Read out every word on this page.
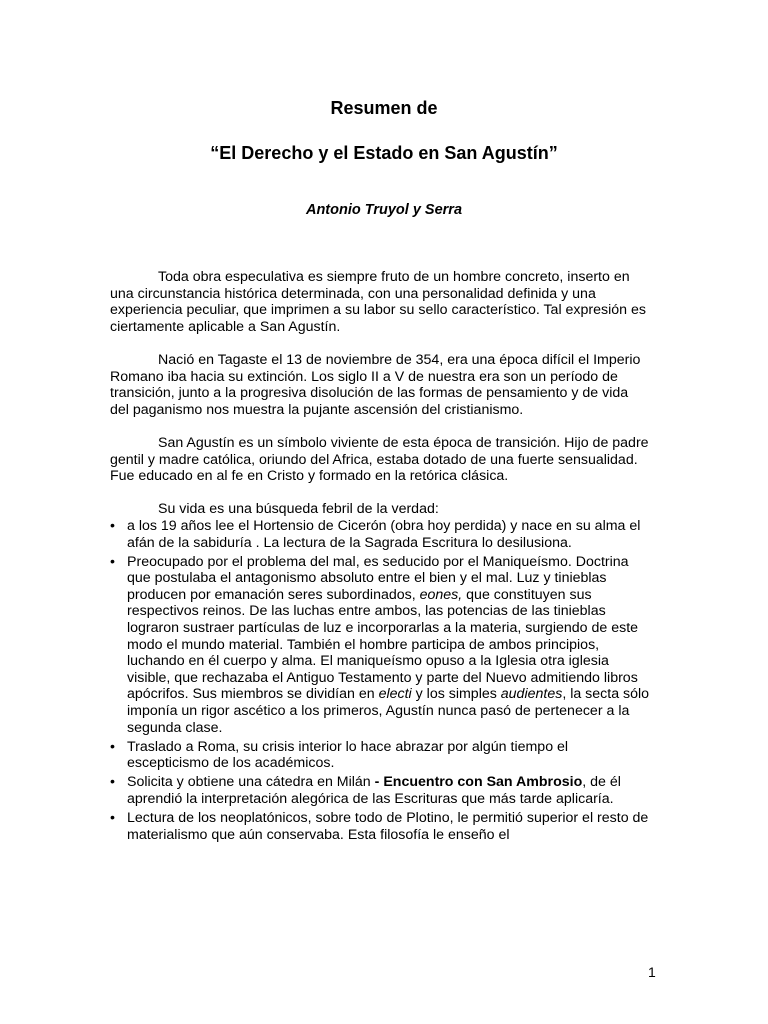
Resumen de
“El Derecho y el Estado en San Agustín”
Antonio Truyol y Serra

Toda obra especulativa es siempre fruto de un hombre concreto, inserto en una circunstancia histórica determinada, con una personalidad definida y una experiencia peculiar, que imprimen a su labor su sello característico. Tal expresión es ciertamente aplicable a San Agustín.

Nació en Tagaste el 13 de noviembre de 354, era una época difícil el Imperio Romano iba hacia su extinción. Los siglo II a V de nuestra era son un período de transición, junto a la progresiva disolución de las formas de pensamiento y de vida del paganismo nos muestra la pujante ascensión del cristianismo.

San Agustín es un símbolo viviente de esta época de transición. Hijo de padre gentil y madre católica, oriundo del Africa, estaba dotado de una fuerte sensualidad. Fue educado en al fe en Cristo y formado en la retórica clásica.

Su vida es una búsqueda febril de la verdad:

• a los 19 años lee el Hortensio de Cicerón (obra hoy perdida) y nace en su alma el afán de la sabiduría . La lectura de la Sagrada Escritura lo desilusiona.
• Preocupado por el problema del mal, es seducido por el Maniqueísmo. Doctrina que postulaba el antagonismo absoluto entre el bien y el mal. Luz y tinieblas producen por emanación seres subordinados, eones, que constituyen sus respectivos reinos. De las luchas entre ambos, las potencias de las tinieblas lograron sustraer partículas de luz e incorporarlas a la materia, surgiendo de este modo el mundo material. También el hombre participa de ambos principios, luchando en él cuerpo y alma. El maniqueísmo opuso a la Iglesia otra iglesia visible, que rechazaba el Antiguo Testamento y parte del Nuevo admitiendo libros apócrifos. Sus miembros se dividían en electi y los simples audientes, la secta sólo imponía un rigor ascético a los primeros, Agustín nunca pasó de pertenecer a la segunda clase.
• Traslado a Roma, su crisis interior lo hace abrazar por algún tiempo el escepticismo de los académicos.
• Solicita y obtiene una cátedra en Milán - Encuentro con San Ambrosio, de él aprendió la interpretación alegórica de las Escrituras que más tarde aplicaría.
• Lectura de los neoplatónicos, sobre todo de Plotino, le permitió superior el resto de materialismo que aún conservaba. Esta filosofía le enseño el
1
